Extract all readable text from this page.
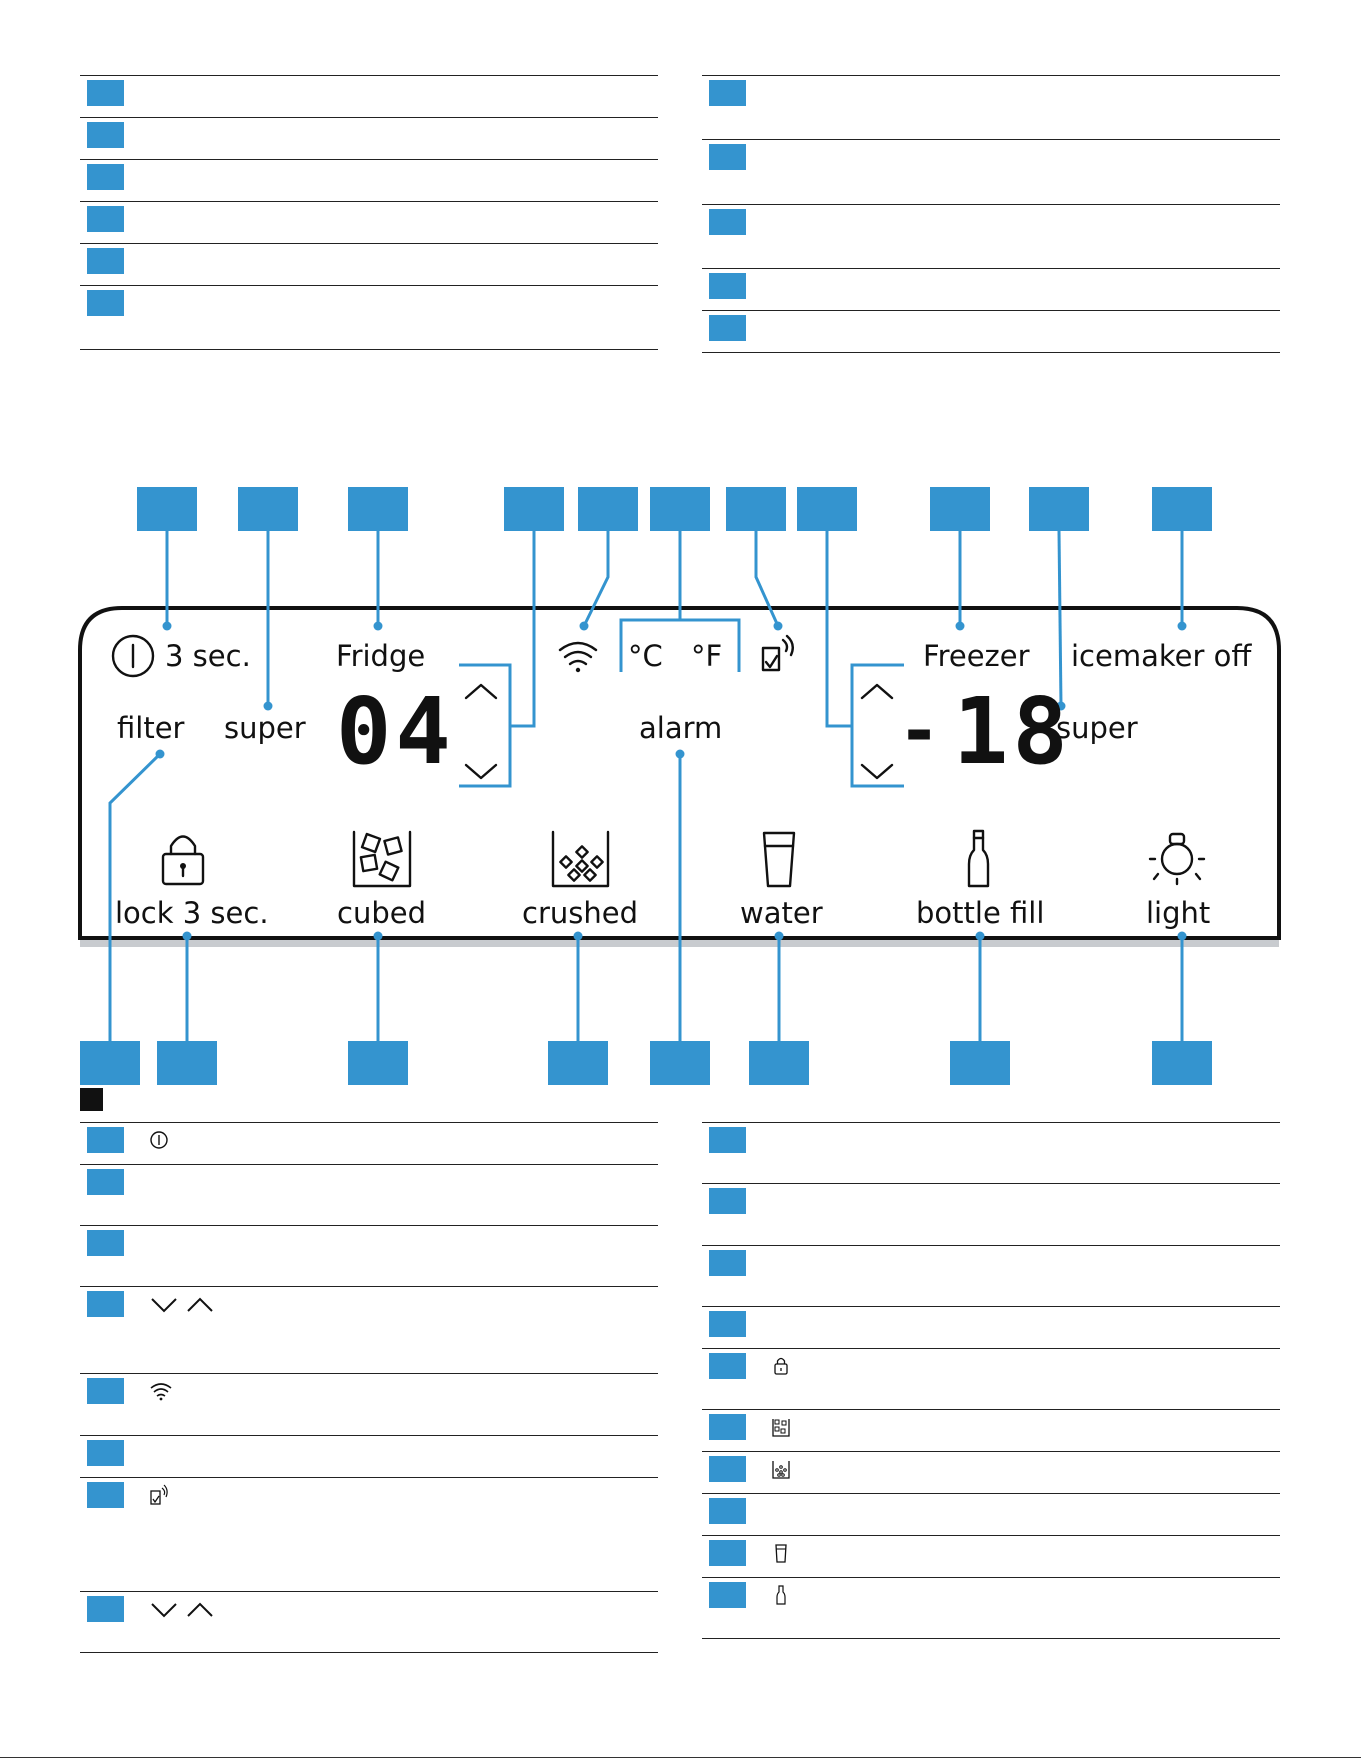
3 sec.	Fridge	°C °F	Freezer icemaker off
filter super 04	alarm	- 18
super
lock 3 sec. cubed	crushed	water	bottle fill	light
